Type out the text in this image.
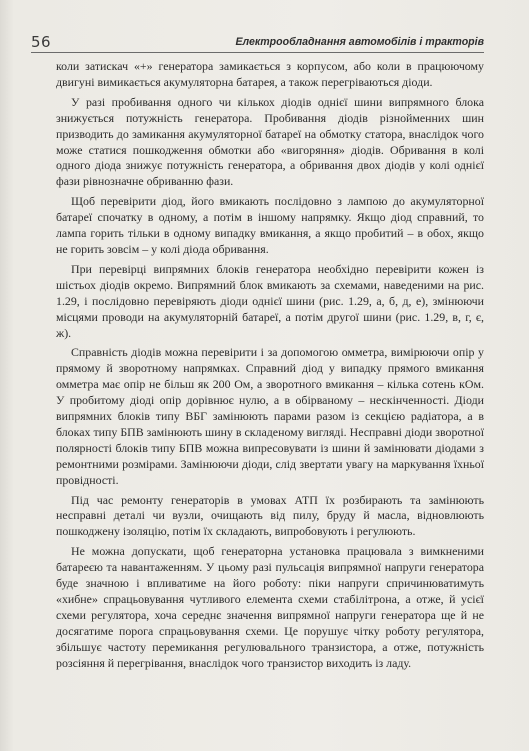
56	Електрообладнання автомобілів і тракторів

коли затискач «+» генератора замикається з корпусом, або коли в працюючому двигуні вимикається акумуляторна батарея, а також перегріваються діоди.

У разі пробивання одного чи кількох діодів однієї шини випрямного блока знижується потужність генератора. Пробивання діодів різнойменних шин призводить до замикання акумуляторної батареї на обмотку статора, внаслідок чого може статися пошкодження обмотки або «вигоряння» діодів. Обривання в колі одного діода знижує потужність генератора, а обривання двох діодів у колі однієї фази рівнозначне обриванню фази.

Щоб перевірити діод, його вмикають послідовно з лампою до акумуляторної батареї спочатку в одному, а потім в іншому напрямку. Якщо діод справний, то лампа горить тільки в одному випадку вмикання, а якщо пробитий – в обох, якщо не горить зовсім – у колі діода обривання.

При перевірці випрямних блоків генератора необхідно перевірити кожен із шістьох діодів окремо. Випрямний блок вмикають за схемами, наведеними на рис. 1.29, і послідовно перевіряють діоди однієї шини (рис. 1.29, а, б, д, е), змінюючи місцями проводи на акумуляторній батареї, а потім другої шини (рис. 1.29, в, г, є, ж).

Справність діодів можна перевірити і за допомогою омметра, вимірюючи опір у прямому й зворотному напрямках. Справний діод у випадку прямого вмикання омметра має опір не більш як 200 Ом, а зворотного вмикання – кілька сотень кОм. У пробитому діоді опір дорівнює нулю, а в обірваному – нескінченності. Діоди випрямних блоків типу ВБГ замінюють парами разом із секцією радіатора, а в блоках типу БПВ замінюють шину в складеному вигляді. Несправні діоди зворотної полярності блоків типу БПВ можна випресовувати із шини й замінювати діодами з ремонтними розмірами. Замінюючи діоди, слід звертати увагу на маркування їхньої провідності.

Під час ремонту генераторів в умовах АТП їх розбирають та замінюють несправні деталі чи вузли, очищають від пилу, бруду й масла, відновлюють пошкоджену ізоляцію, потім їх складають, випробовують і регулюють.

Не можна допускати, щоб генераторна установка працювала з вимкненими батареєю та навантаженням. У цьому разі пульсація випрямної напруги генератора буде значною і впливатиме на його роботу: піки напруги спричинюватимуть «хибне» спрацьовування чутливого елемента схеми стабілітрона, а отже, й усієї схеми регулятора, хоча середнє значення випрямної напруги генератора ще й не досягатиме порога спрацьовування схеми. Це порушує чітку роботу регулятора, збільшує частоту перемикання регулювального транзистора, а отже, потужність розсіяння й перегрівання, внаслідок чого транзистор виходить із ладу.
